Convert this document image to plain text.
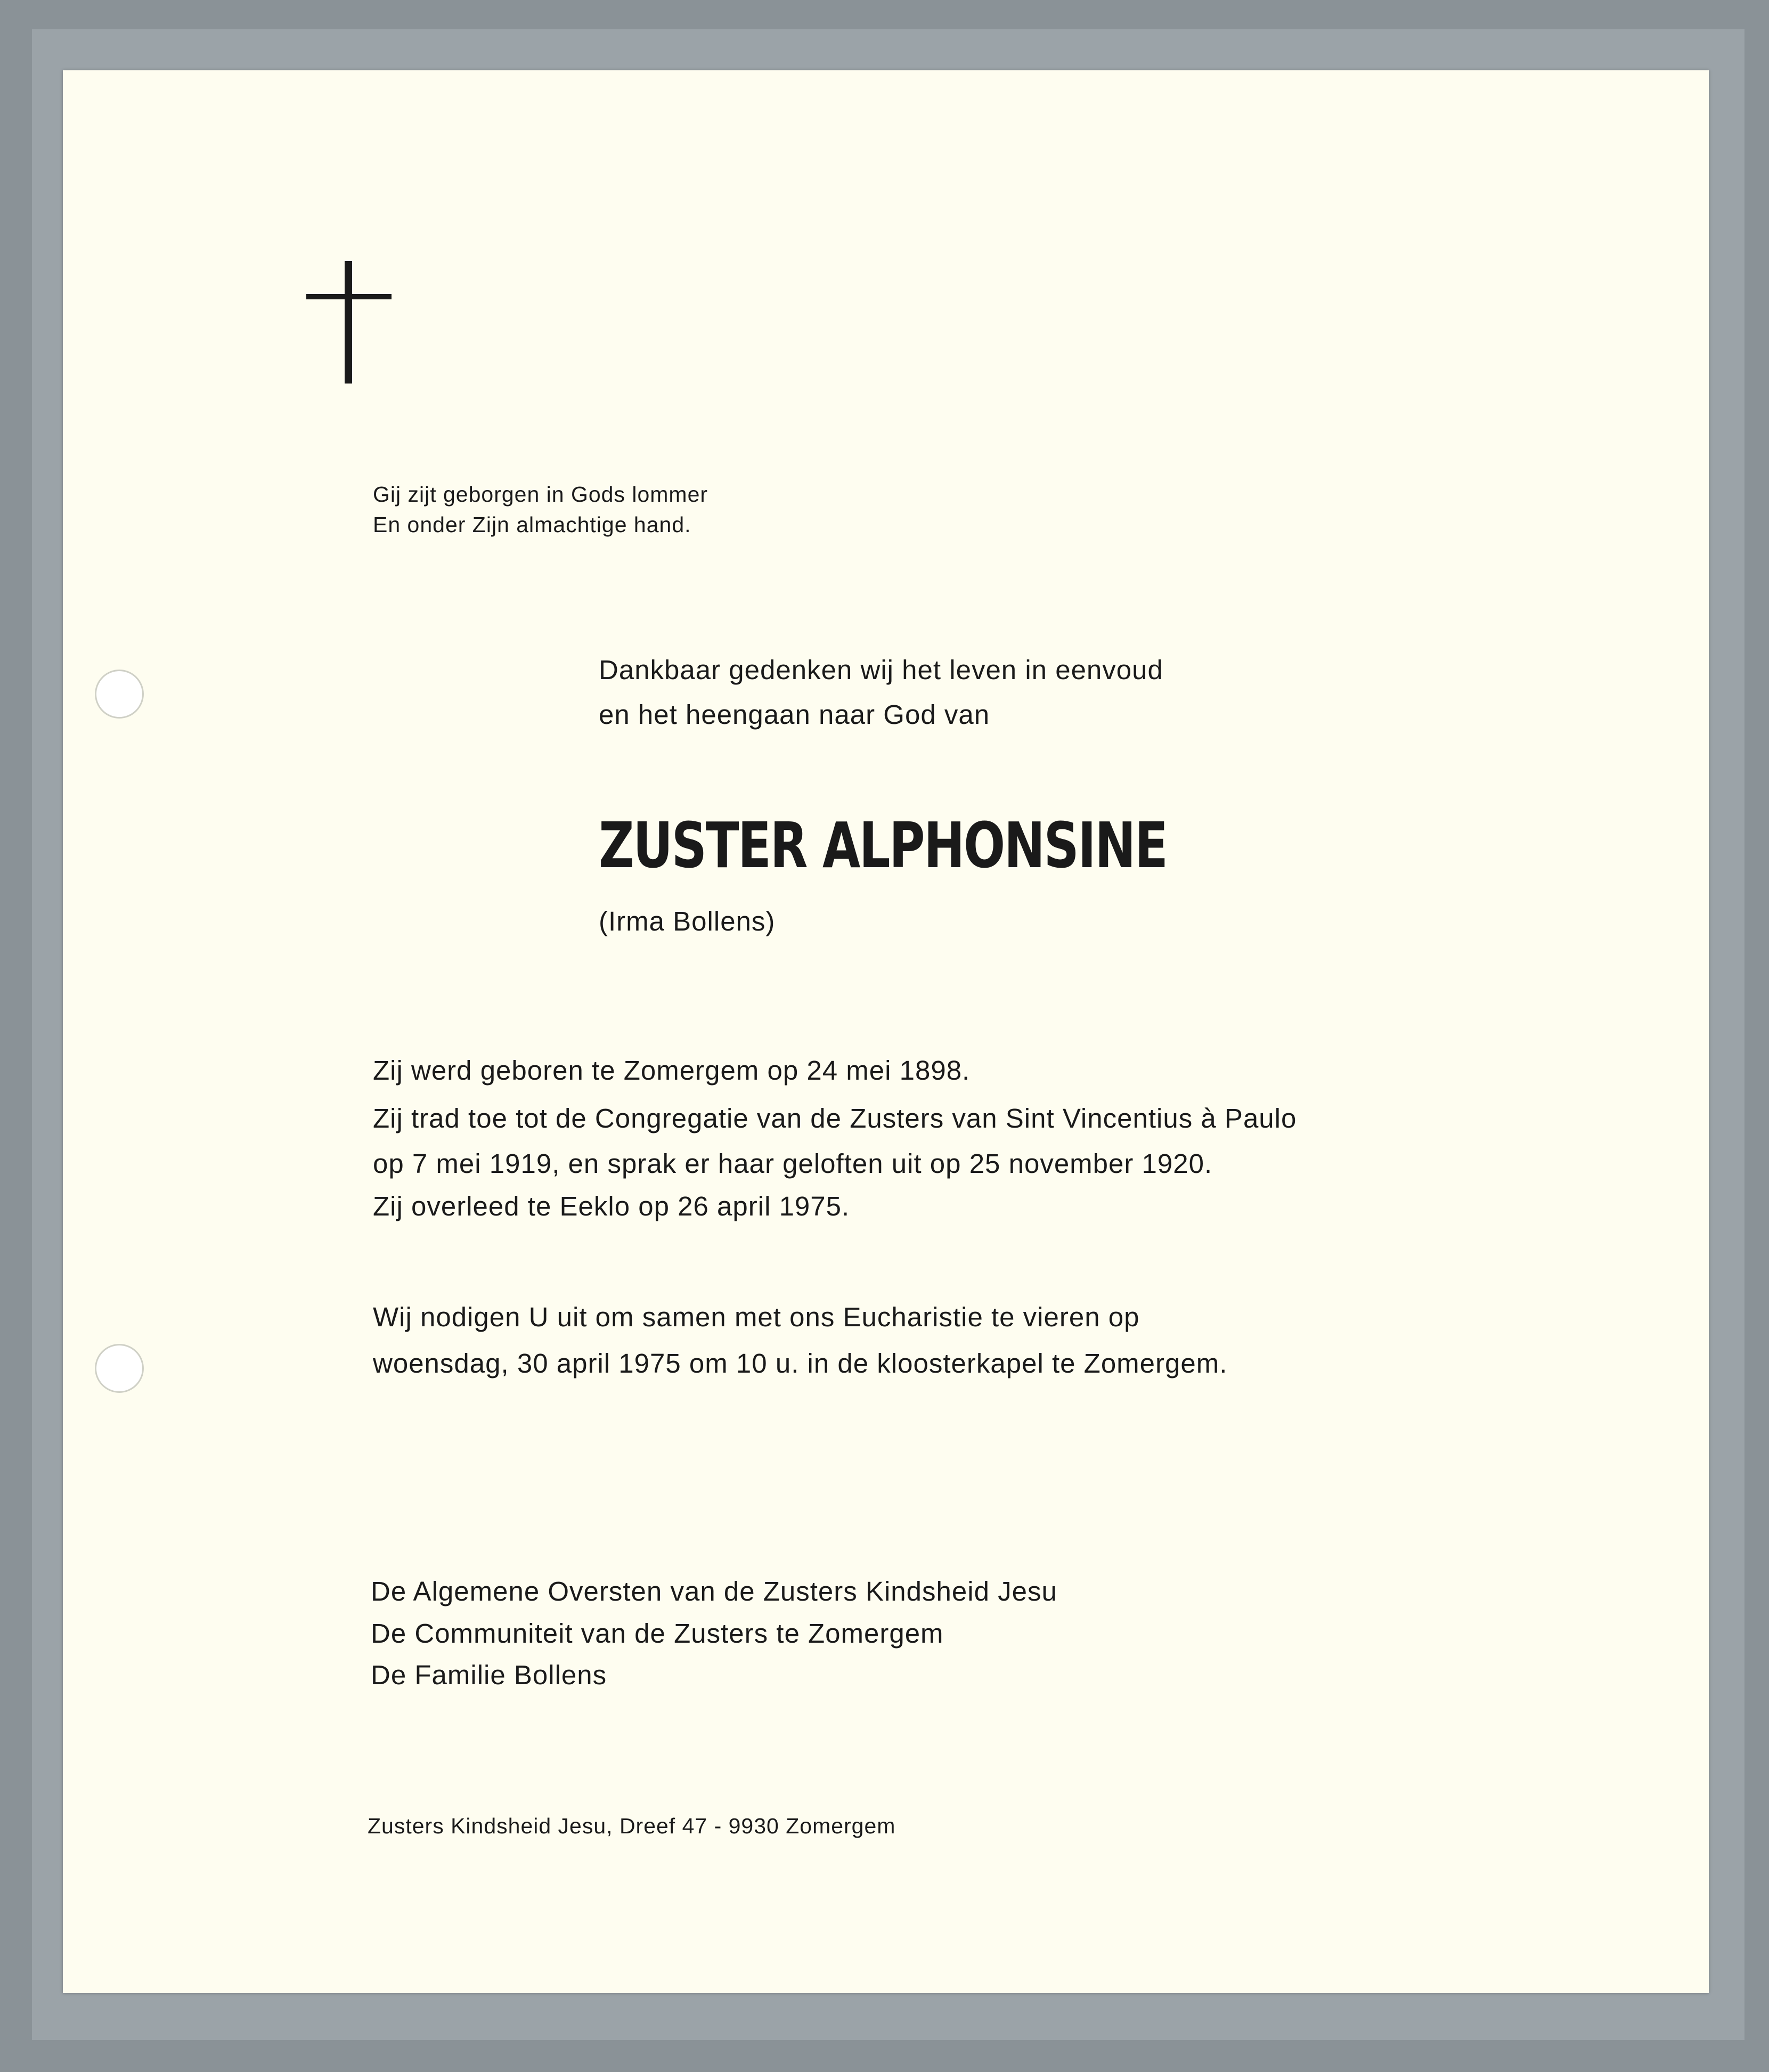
Gij zijt geborgen in Gods lommer
En onder Zijn almachtige hand.
Dankbaar gedenken wij het leven in eenvoud
en het heengaan naar God van
ZUSTER ALPHONSINE
(Irma Bollens)
Zij werd geboren te Zomergem op 24 mei 1898.
Zij trad toe tot de Congregatie van de Zusters van Sint Vincentius à Paulo
op 7 mei 1919, en sprak er haar geloften uit op 25 november 1920.
Zij overleed te Eeklo op 26 april 1975.
Wij nodigen U uit om samen met ons Eucharistie te vieren op
woensdag, 30 april 1975 om 10 u. in de kloosterkapel te Zomergem.
De Algemene Oversten van de Zusters Kindsheid Jesu
De Communiteit van de Zusters te Zomergem
De Familie Bollens
Zusters Kindsheid Jesu, Dreef 47 - 9930 Zomergem
